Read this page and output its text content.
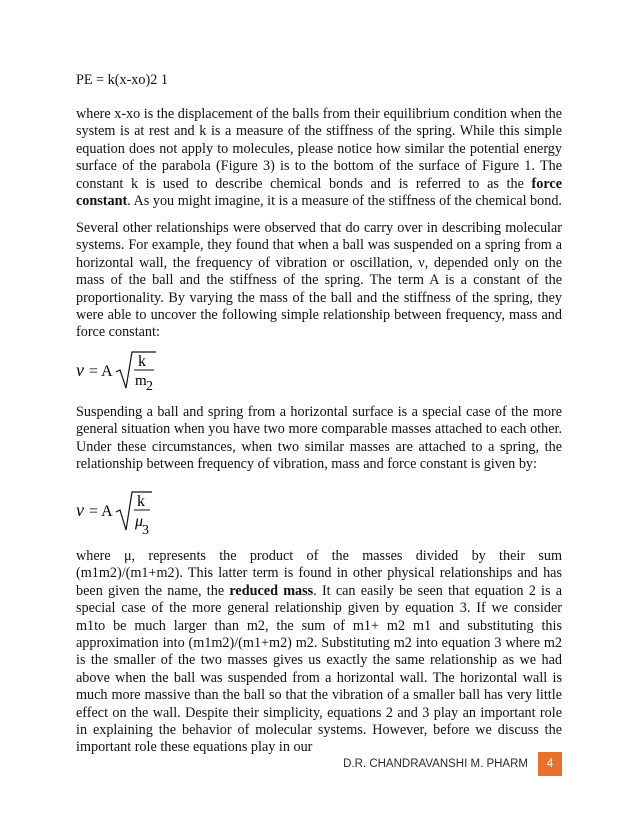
PE = k(x-xo)2 1

where x-xo is the displacement of the balls from their equilibrium condition when the system is at rest and k is a measure of the stiffness of the spring. While this simple equation does not apply to molecules, please notice how similar the potential energy surface of the parabola (Figure 3) is to the bottom of the surface of Figure 1. The constant k is used to describe chemical bonds and is referred to as the force constant. As you might imagine, it is a measure of the stiffness of the chemical bond.

Several other relationships were observed that do carry over in describing molecular systems. For example, they found that when a ball was suspended on a spring from a horizontal wall, the frequency of vibration or oscillation, ν, depended only on the mass of the ball and the stiffness of the spring. The term A is a constant of the proportionality. By varying the mass of the ball and the stiffness of the spring, they were able to uncover the following simple relationship between frequency, mass and force constant:

ν = A
k
m 2

Suspending a ball and spring from a horizontal surface is a special case of the more general situation when you have two more comparable masses attached to each other. Under these circumstances, when two similar masses are attached to a spring, the relationship between frequency of vibration, mass and force constant is given by:

ν = A
k
μ
3

where μ, represents the product of the masses divided by their sum (m1m2)/(m1+m2). This latter term is found in other physical relationships and has been given the name, the reduced mass. It can easily be seen that equation 2 is a special case of the more general relationship given by equation 3. If we consider m1to be much larger than m2, the sum of m1+ m2 m1 and substituting this approximation into (m1m2)/(m1+m2) m2. Substituting m2 into equation 3 where m2 is the smaller of the two masses gives us exactly the same relationship as we had above when the ball was suspended from a horizontal wall. The horizontal wall is much more massive than the ball so that the vibration of a smaller ball has very little effect on the wall. Despite their simplicity, equations 2 and 3 play an important role in explaining the behavior of molecular systems. However, before we discuss the important role these equations play in our

D.R. CHANDRAVANSHI M. PHARM	4
